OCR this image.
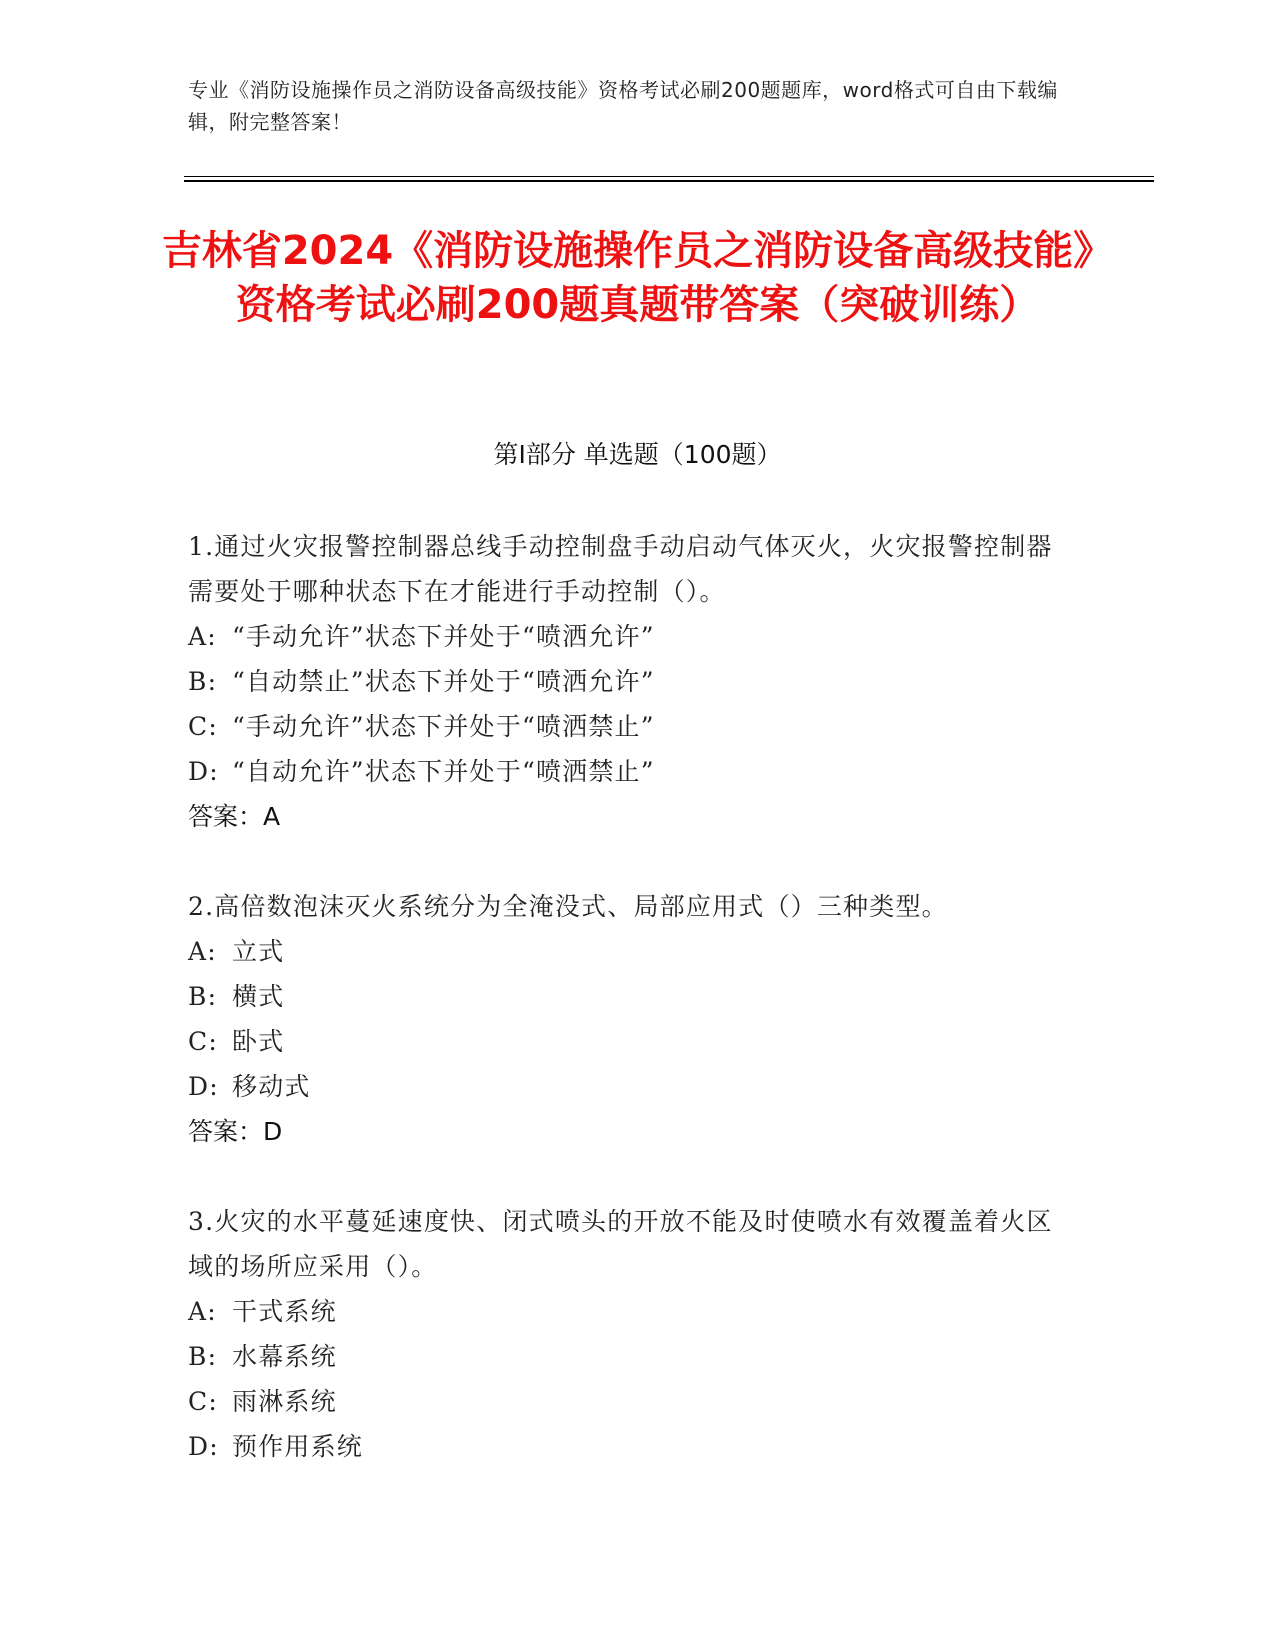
专业《消防设施操作员之消防设备高级技能》资格考试必刷200题题库，word格式可自由下载编辑，附完整答案！
吉林省2024《消防设施操作员之消防设备高级技能》资格考试必刷200题真题带答案（突破训练）
第I部分 单选题（100题）

1.通过火灾报警控制器总线手动控制盘手动启动气体灭火，火灾报警控制器需要处于哪种状态下在才能进行手动控制（）。

A: “手动允许”状态下并处于“喷洒允许”

B: “自动禁止”状态下并处于“喷洒允许”

C: “手动允许”状态下并处于“喷洒禁止”

D: “自动允许”状态下并处于“喷洒禁止”

答案：A

2.高倍数泡沫灭火系统分为全淹没式、局部应用式（）三种类型。

A: 立式

B: 横式

C: 卧式

D: 移动式

答案：D

3.火灾的水平蔓延速度快、闭式喷头的开放不能及时使喷水有效覆盖着火区域的场所应采用（）。

A: 干式系统

B: 水幕系统

C: 雨淋系统

D: 预作用系统
